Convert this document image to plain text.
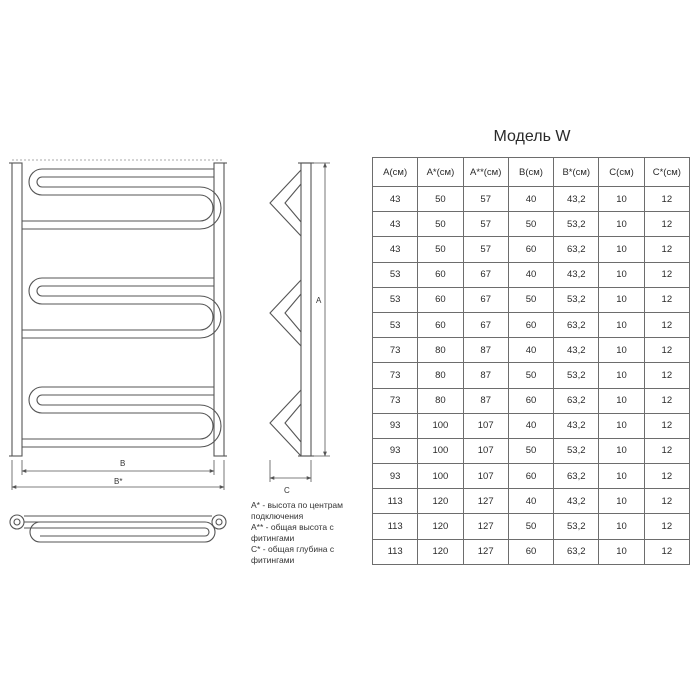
B
B*
A
C
A* - высота по центрам подключения
A** - общая высота с фитингами
C* - общая глубина с фитингами
Модель W
A(см)	A*(см)	A**(см)	B(см)	B*(см)	C(см)	C*(см)
43	50	57	40	43,2	10	12
43	50	57	50	53,2	10	12
43	50	57	60	63,2	10	12
53	60	67	40	43,2	10	12
53	60	67	50	53,2	10	12
53	60	67	60	63,2	10	12
73	80	87	40	43,2	10	12
73	80	87	50	53,2	10	12
73	80	87	60	63,2	10	12
93	100	107	40	43,2	10	12
93	100	107	50	53,2	10	12
93	100	107	60	63,2	10	12
113	120	127	40	43,2	10	12
113	120	127	50	53,2	10	12
113	120	127	60	63,2	10	12
